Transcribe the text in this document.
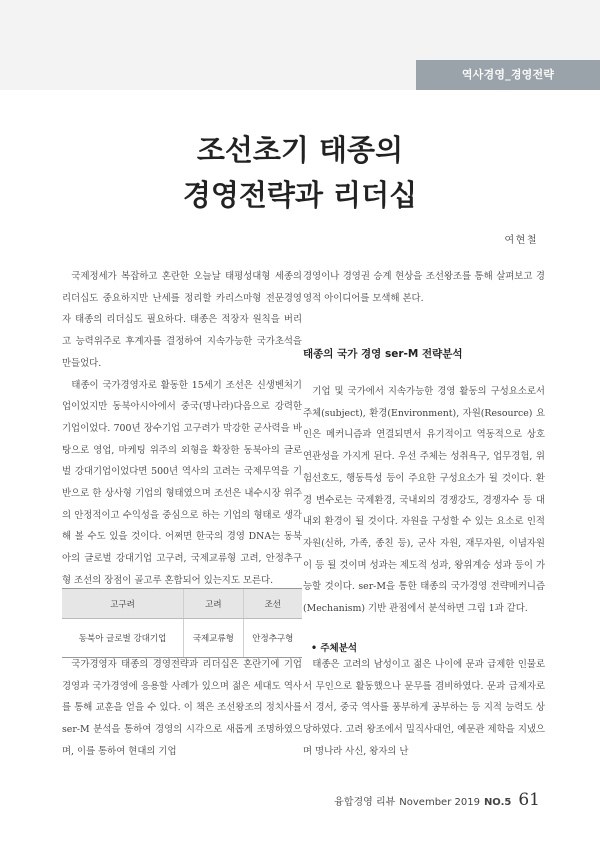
역사경영_경영전략
조선초기 태종의
경영전략과 리더십
여현철

국제정세가 복잡하고 혼란한 오늘날 태평성대형 세종의 리더십도 중요하지만 난세를 정리할 카리스마형 전문경영자 태종의 리더십도 필요하다. 태종은 적장자 원칙을 버리고 능력위주로 후계자를 결정하여 지속가능한 국가초석을 만들었다.

태종이 국가경영자로 활동한 15세기 조선은 신생벤처기업이었지만 동북아시아에서 중국(명나라)다음으로 강력한 기업이었다. 700년 장수기업 고구려가 막강한 군사력을 바탕으로 영업, 마케팅 위주의 외형을 확장한 동북아의 글로벌 강대기업이었다면 500년 역사의 고려는 국제무역을 기반으로 한 상사형 기업의 형태였으며 조선은 내수시장 위주의 안정적이고 수익성을 중심으로 하는 기업의 형태로 생각해 볼 수도 있을 것이다. 어쩌면 한국의 경영 DNA는 동북아의 글로벌 강대기업 고구려, 국제교류형 고려, 안정추구형 조선의 장점이 골고루 혼합되어 있는지도 모른다.

고구려	고려	조선
동북아 글로벌 강대기업	국제교류형	안정추구형

국가경영자 태종의 경영전략과 리더십은 혼란기에 기업경영과 국가경영에 응용할 사례가 있으며 젊은 세대도 역사를 통해 교훈을 얻을 수 있다. 이 책은 조선왕조의 정치사를 ser-M 분석을 통하여 경영의 시각으로 새롭게 조명하였으며, 이를 통하여 현대의 기업

경영이나 경영권 승계 현상을 조선왕조를 통해 살펴보고 경영적 아이디어를 모색해 본다.

태종의 국가 경영 ser-M 전략분석

기업 및 국가에서 지속가능한 경영 활동의 구성요소로서 주체(subject), 환경(Environment), 자원(Resource) 요인은 메커니즘과 연결되면서 유기적이고 역동적으로 상호 연관성을 가지게 된다. 우선 주체는 성취욕구, 업무경험, 위험선호도, 행동특성 등이 주요한 구성요소가 될 것이다. 환경 변수로는 국제환경, 국내외의 경쟁강도, 경쟁자수 등 대내외 환경이 될 것이다. 자원을 구성할 수 있는 요소로 인적 자원(신하, 가족, 종친 등), 군사 자원, 재무자원, 이념자원이 등 될 것이며 성과는 제도적 성과, 왕위계승 성과 등이 가능할 것이다. ser-M을 통한 태종의 국가경영 전략메커니즘(Mechanism) 기반 관점에서 분석하면 그림 1과 같다.

• 주체분석

태종은 고려의 남성이고 젊은 나이에 문과 급제한 인물로서 무인으로 활동했으나 문무를 겸비하였다. 문과 급제자로서 경서, 중국 역사를 풍부하게 공부하는 등 지적 능력도 상당하였다. 고려 왕조에서 밀직사대언, 예문관 제학을 지냈으며 명나라 사신, 왕자의 난

융합경영 리뷰 November 2019 NO.5 61
